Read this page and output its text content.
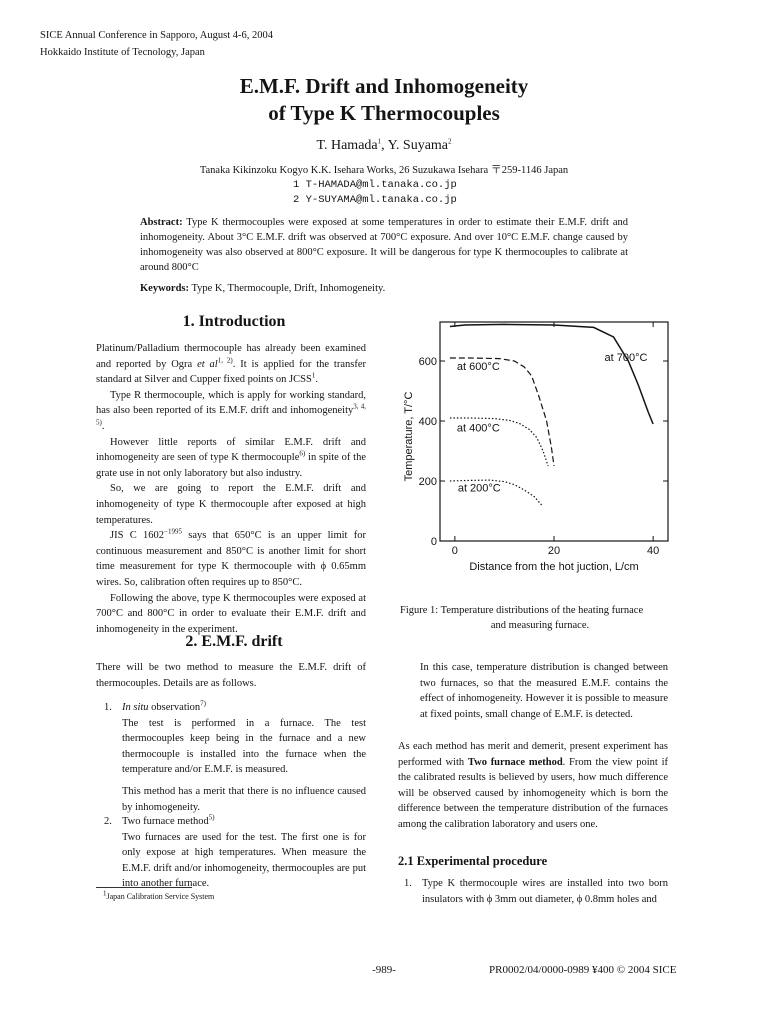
SICE Annual Conference in Sapporo, August 4-6, 2004
Hokkaido Institute of Tecnology, Japan
E.M.F. Drift and Inhomogeneity
of Type K Thermocouples
T. Hamada$^1$, Y. Suyama$^2$
Tanaka Kikinzoku Kogyo K.K. Isehara Works, 26 Suzukawa Isehara 〒259-1146 Japan
1 T-HAMADA@ml.tanaka.co.jp
2 Y-SUYAMA@ml.tanaka.co.jp
Abstract: Type K thermocouples were exposed at some temperatures in order to estimate their E.M.F. drift and inhomogeneity. About 3°C E.M.F. drift was observed at 700°C exposure. And over 10°C E.M.F. change caused by inhomogeneity was also observed at 800°C exposure. It will be dangerous for type K thermocouples to calibrate at around 800°C
Keywords: Type K, Thermocouple, Drift, Inhomogeneity.
1. Introduction

Platinum/Palladium thermocouple has already been examined and reported by Ogra et al$^{1, 2)}$. It is applied for the transfer standard at Silver and Cupper fixed points on JCSS$^1$.

Type R thermocouple, which is apply for working standard, has also been reported of its E.M.F. drift and inhomogeneity$^{3, 4, 5)}$.

However little reports of similar E.M.F. drift and inhomogeneity are seen of type K thermocouple$^{6)}$ in spite of the grate use in not only laboratory but also industry.

So, we are going to report the E.M.F. drift and inhomogeneity of type K thermocouple after exposed at high temperatures.

JIS C $1602^{-1995}$ says that 650°C is an upper limit for continuous measurement and 850°C is another limit for short time measurement for type K thermocouple with ϕ 0.65mm wires. So, calibration often requires up to 850°C.

Following the above, type K thermocouples were exposed at 700°C and 800°C in order to evaluate their E.M.F. drift and inhomogeneity in the experiment.

2. E.M.F. drift

There will be two method to measure the E.M.F. drift of thermocouples. Details are as follows.

1. In situ observation$^{7)}$

The test is performed in a furnace. The test thermocouples keep being in the furnace and a new thermocouple is installed into the furnace when the temperature and/or E.M.F. is measured.

This method has a merit that there is no influence caused by inhomogeneity.

2. Two furnace method$^{5)}$

Two furnaces are used for the test. The first one is for only expose at high temperatures. When measure the E.M.F. drift and/or inhomogeneity, thermocouples are put into another furnace.

$^1$Japan Calibration Service System
0	20	40
0
200
400
600
Distance from the hot juction, L/cm
Temperature, T/°C
at 700°C
at 600°C
at 400°C
at 200°C
Figure 1: Temperature distributions of the heating furnace
and measuring furnace.

In this case, temperature distribution is changed between two furnaces, so that the measured E.M.F. contains the effect of inhomogeneity. However it is possible to measure at fixed points, small change of E.M.F. is detected.

As each method has merit and demerit, present experiment has performed with Two furnace method. From the view point if the calibrated results is believed by users, how much difference will be observed caused by inhomogeneity which is born the difference between the temperature distribution of the furnaces among the calibration laboratory and users one.

2.1 Experimental procedure
1. Type K thermocouple wires are installed into two born insulators with ϕ 3mm out diameter, ϕ 0.8mm holes and

-989-	PR0002/04/0000-0989 ¥400 © 2004 SICE
